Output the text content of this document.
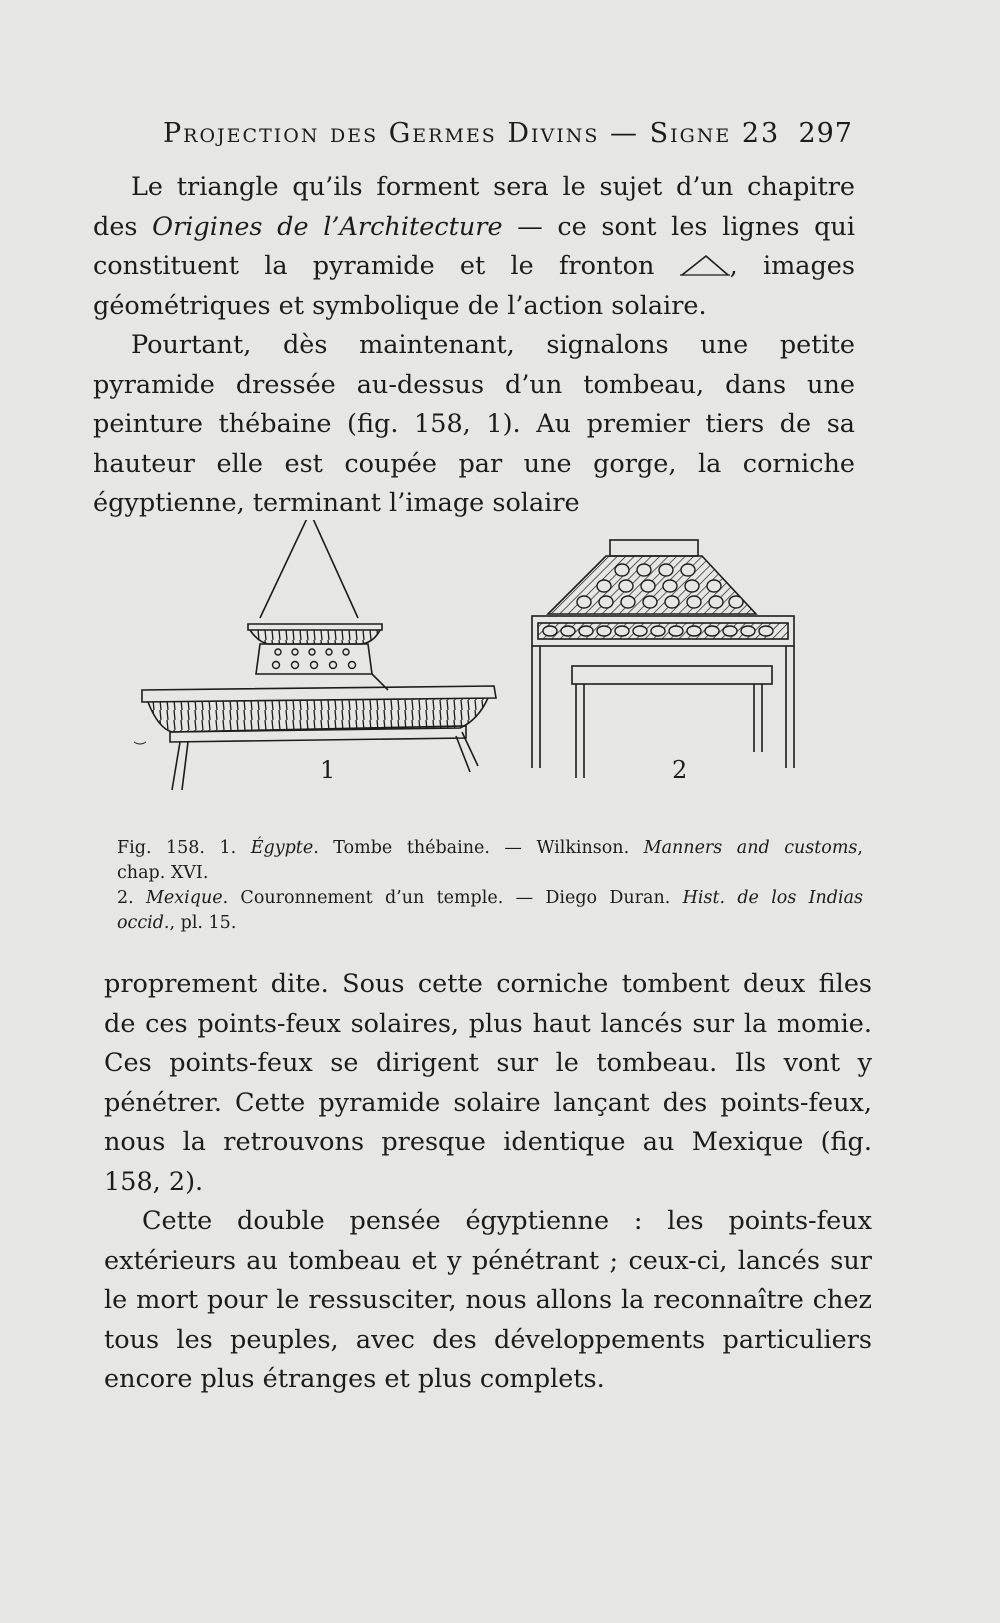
Projection des Germes Divins — Signe 23 297

Le triangle qu’ils forment sera le sujet d’un chapitre des Origines de l’Architecture — ce sont les lignes qui constituent la pyramide et le fronton , images géométriques et symbolique de l’action solaire.

Pourtant, dès maintenant, signalons une petite pyramide dressée au-dessus d’un tombeau, dans une peinture thébaine (fig. 158, 1). Au premier tiers de sa hauteur elle est coupée par une gorge, la corniche égyptienne, terminant l’image solaire

1	2

Fig. 158. 1. Égypte. Tombe thébaine. — Wilkinson. Manners and customs,

chap. XVI.

2. Mexique. Couronnement d’un temple. — Diego Duran. Hist. de los Indias

occid., pl. 15.

proprement dite. Sous cette corniche tombent deux files de ces points-feux solaires, plus haut lancés sur la momie. Ces points-feux se dirigent sur le tombeau. Ils vont y pénétrer. Cette pyramide solaire lançant des points-feux, nous la retrouvons presque identique au Mexique (fig. 158, 2).

Cette double pensée égyptienne : les points-feux extérieurs au tombeau et y pénétrant ; ceux-ci, lancés sur le mort pour le ressusciter, nous allons la reconnaître chez tous les peuples, avec des développements particuliers encore plus étranges et plus complets.
